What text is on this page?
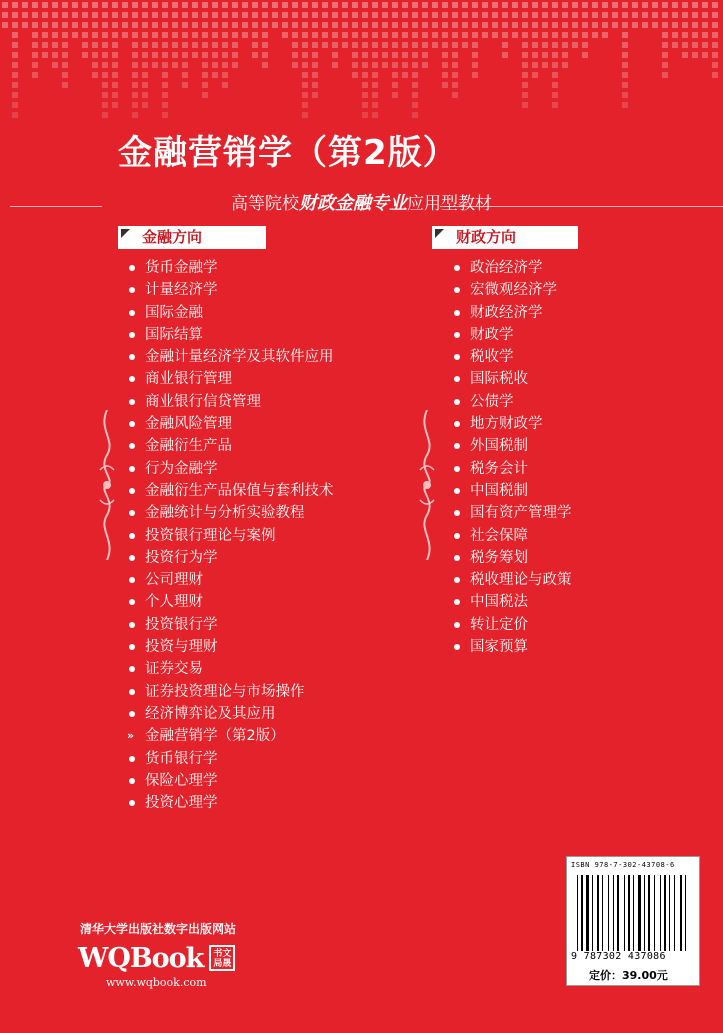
金融营销学（第2版）
高等院校财政金融专业应用型教材
金融方向	财政方向
货币金融学
计量经济学
国际金融
国际结算
金融计量经济学及其软件应用
商业银行管理
商业银行信贷管理
金融风险管理
金融衍生产品
行为金融学
金融衍生产品保值与套利技术
金融统计与分析实验教程
投资银行理论与案例
投资行为学
公司理财
个人理财
投资银行学
投资与理财
证券交易
证券投资理论与市场操作
经济博弈论及其应用
» 金融营销学（第2版）
货币银行学
保险心理学
投资心理学
政治经济学
宏微观经济学
财政经济学
财政学
税收学
国际税收
公债学
地方财政学
外国税制
税务会计
中国税制
国有资产管理学
社会保障
税务筹划
税收理论与政策
中国税法
转让定价
国家预算
ISBN 978-7-302-43708-6
9 787302 437086
定价：39.00元
清华大学出版社数字出版网站
WQBook	书文局晟
www.wqbook.com
